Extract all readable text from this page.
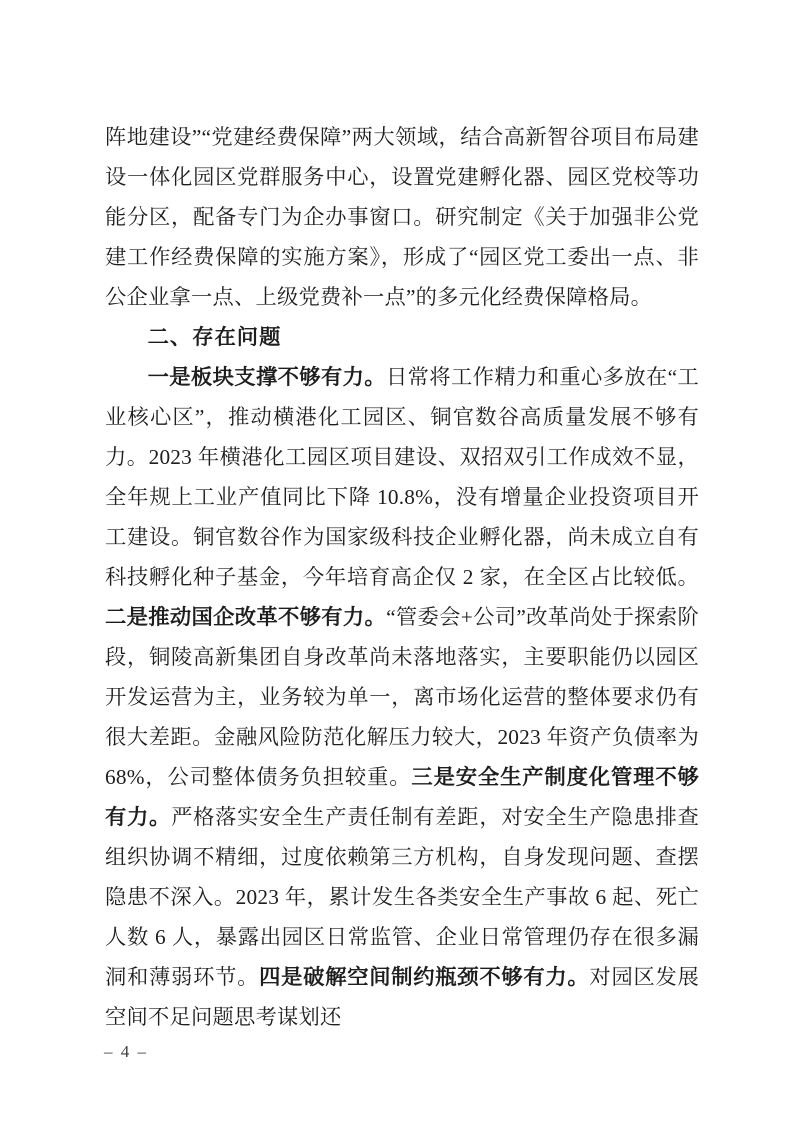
阵地建设”“党建经费保障”两大领域，结合高新智谷项目布局建设一体化园区党群服务中心，设置党建孵化器、园区党校等功能分区，配备专门为企办事窗口。研究制定《关于加强非公党建工作经费保障的实施方案》，形成了“园区党工委出一点、非公企业拿一点、上级党费补一点”的多元化经费保障格局。

二、存在问题

一是板块支撑不够有力。日常将工作精力和重心多放在“工业核心区”，推动横港化工园区、铜官数谷高质量发展不够有力。2023 年横港化工园区项目建设、双招双引工作成效不显，全年规上工业产值同比下降 10.8%，没有增量企业投资项目开工建设。铜官数谷作为国家级科技企业孵化器，尚未成立自有科技孵化种子基金，今年培育高企仅 2 家，在全区占比较低。二是推动国企改革不够有力。“管委会+公司”改革尚处于探索阶段，铜陵高新集团自身改革尚未落地落实，主要职能仍以园区开发运营为主，业务较为单一，离市场化运营的整体要求仍有很大差距。金融风险防范化解压力较大，2023 年资产负债率为 68%，公司整体债务负担较重。三是安全生产制度化管理不够有力。严格落实安全生产责任制有差距，对安全生产隐患排查组织协调不精细，过度依赖第三方机构，自身发现问题、查摆隐患不深入。2023 年，累计发生各类安全生产事故 6 起、死亡人数 6 人，暴露出园区日常监管、企业日常管理仍存在很多漏洞和薄弱环节。四是破解空间制约瓶颈不够有力。对园区发展空间不足问题思考谋划还

– 4 –
